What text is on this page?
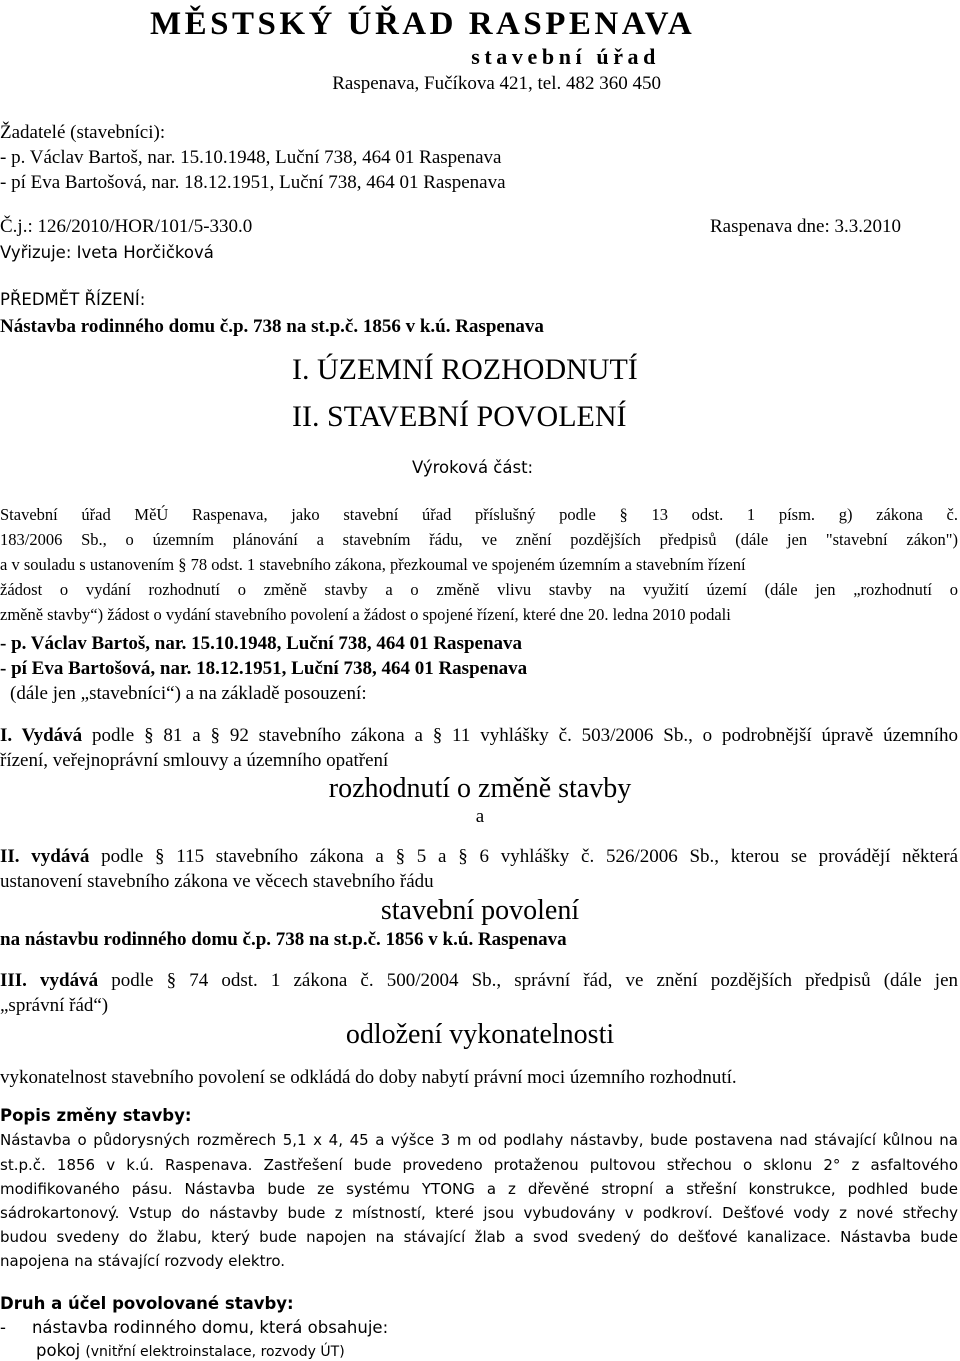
MĚSTSKÝ ÚŘAD RASPENAVA
stavební úřad
Raspenava, Fučíkova 421, tel. 482 360 450
Žadatelé (stavebníci):
- p. Václav Bartoš, nar. 15.10.1948, Luční 738, 464 01 Raspenava
- pí Eva Bartošová, nar. 18.12.1951, Luční 738, 464 01 Raspenava
Č.j.: 126/2010/HOR/101/5-330.0	Raspenava dne: 3.3.2010
Vyřizuje: Iveta Horčičková
PŘEDMĚT ŘÍZENÍ:
Nástavba rodinného domu č.p. 738 na st.p.č. 1856 v k.ú. Raspenava
I. ÚZEMNÍ ROZHODNUTÍ
II. STAVEBNÍ POVOLENÍ
Výroková část:
Stavební úřad MěÚ Raspenava, jako stavební úřad příslušný podle § 13 odst. 1 písm. g) zákona č.
183/2006 Sb., o územním plánování a stavebním řádu, ve znění pozdějších předpisů (dále jen "stavební zákon")
a v souladu s ustanovením § 78 odst. 1 stavebního zákona, přezkoumal ve spojeném územním a stavebním řízení
žádost o vydání rozhodnutí o změně stavby a o změně vlivu stavby na využití území (dále jen „rozhodnutí o
změně stavby“) žádost o vydání stavebního povolení a žádost o spojené řízení, které dne 20. ledna 2010 podali
- p. Václav Bartoš, nar. 15.10.1948, Luční 738, 464 01 Raspenava
- pí Eva Bartošová, nar. 18.12.1951, Luční 738, 464 01 Raspenava
(dále jen „stavebníci“) a na základě posouzení:
I. Vydává podle § 81 a § 92 stavebního zákona a § 11 vyhlášky č. 503/2006 Sb., o podrobnější úpravě územního
řízení, veřejnoprávní smlouvy a územního opatření
rozhodnutí o změně stavby
a
II. vydává podle § 115 stavebního zákona a § 5 a § 6 vyhlášky č. 526/2006 Sb., kterou se provádějí některá
ustanovení stavebního zákona ve věcech stavebního řádu
stavební povolení
na nástavbu rodinného domu č.p. 738 na st.p.č. 1856 v k.ú. Raspenava
III. vydává podle § 74 odst. 1 zákona č. 500/2004 Sb., správní řád, ve znění pozdějších předpisů (dále jen
„správní řád“)
odložení vykonatelnosti
vykonatelnost stavebního povolení se odkládá do doby nabytí právní moci územního rozhodnutí.
Popis změny stavby:
Nástavba o půdorysných rozměrech 5,1 x 4, 45 a výšce 3 m od podlahy nástavby, bude postavena nad stávající kůlnou na
st.p.č. 1856 v k.ú. Raspenava. Zastřešení bude provedeno protaženou pultovou střechou o sklonu 2° z asfaltového
modifikovaného pásu. Nástavba bude ze systému YTONG a z dřevěné stropní a střešní konstrukce, podhled bude
sádrokartonový. Vstup do nástavby bude z místností, které jsou vybudovány v podkroví. Dešťové vody z nové střechy
budou svedeny do žlabu, který bude napojen na stávající žlab a svod svedený do dešťové kanalizace. Nástavba bude
napojena na stávající rozvody elektro.
Druh a účel povolované stavby:
- nástavba rodinného domu, která obsahuje:
pokoj (vnitřní elektroinstalace, rozvody ÚT)
